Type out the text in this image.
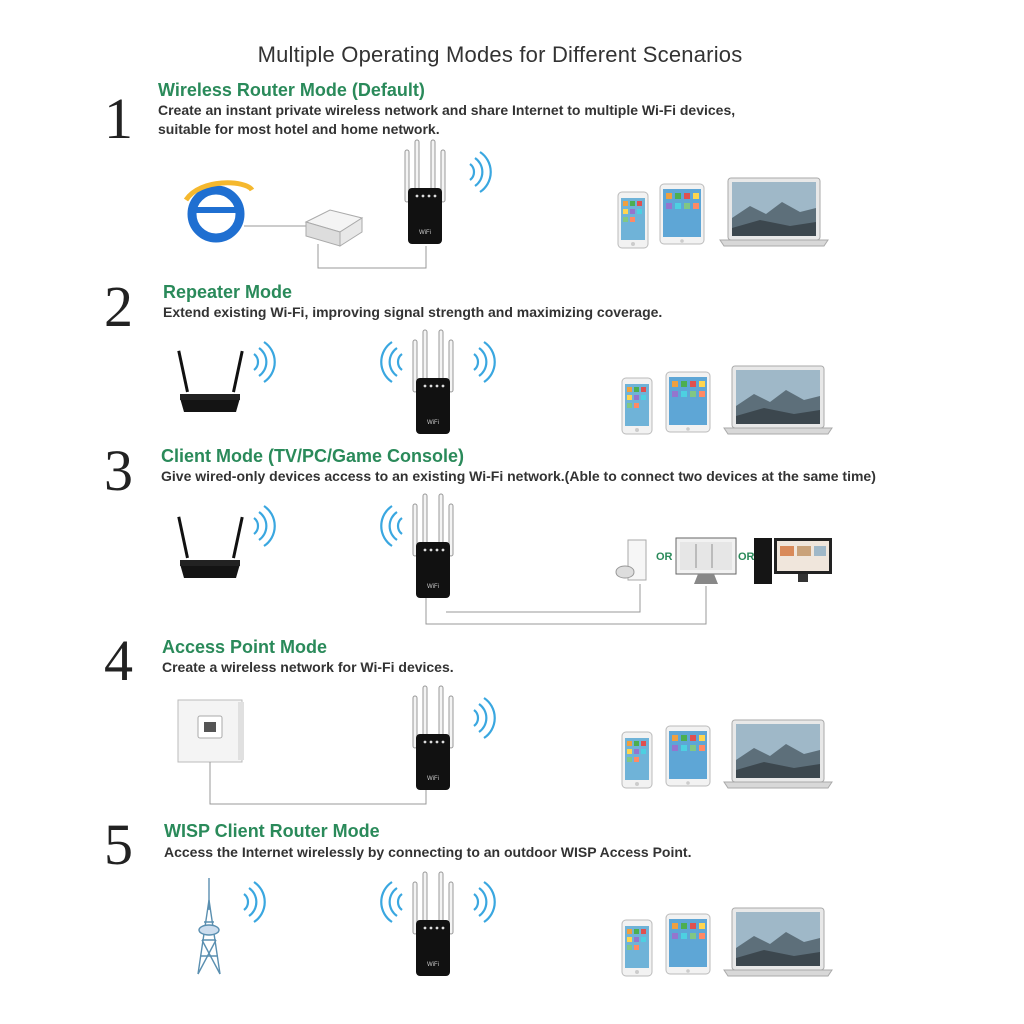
WiFi
Multiple Operating Modes for Different Scenarios
1 Wireless Router Mode (Default)
Create an instant private wireless network and share Internet to multiple Wi-Fi devices,
suitable for most hotel and home network.
2 Repeater Mode
Extend existing Wi-Fi, improving signal strength and maximizing coverage.
3 Client Mode (TV/PC/Game Console)
Give wired-only devices access to an existing Wi-Fi network.(Able to connect two devices at the same time)
OR	OR
4 Access Point Mode
Create a wireless network for Wi-Fi devices.
5 WISP Client Router Mode
Access the Internet wirelessly by connecting to an outdoor WISP Access Point.
